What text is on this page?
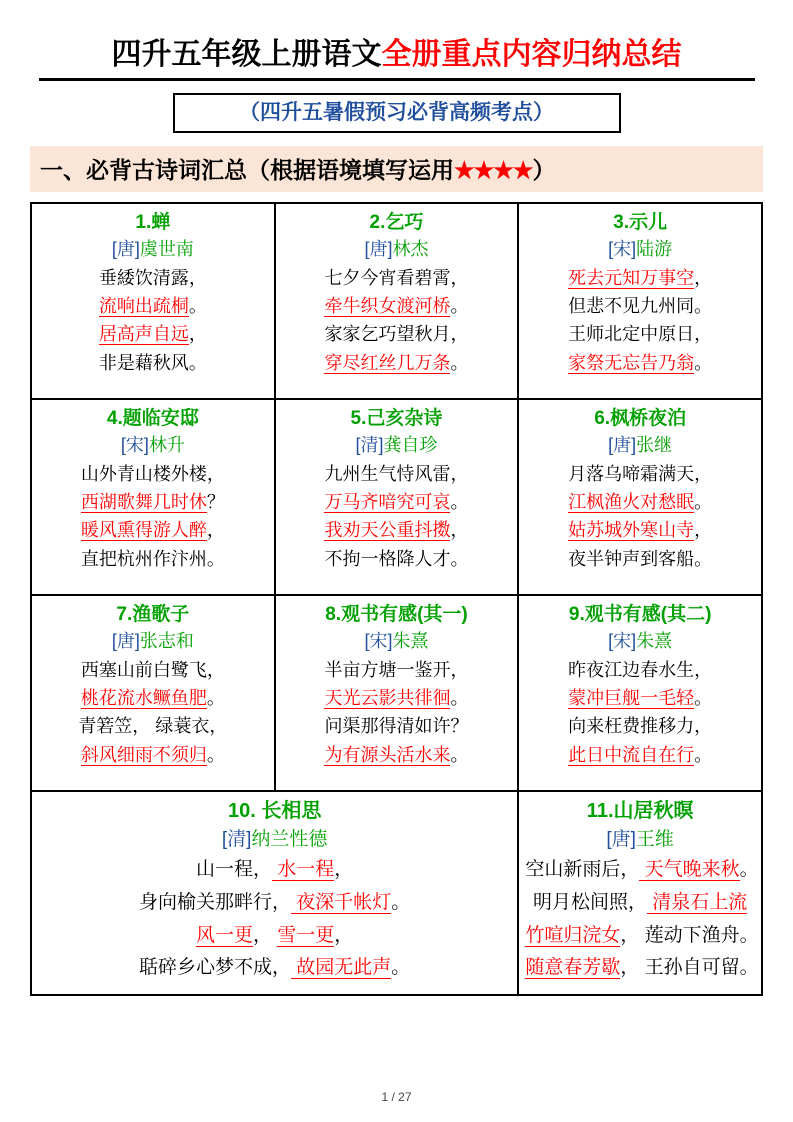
四升五年级上册语文全册重点内容归纳总结
（四升五暑假预习必背高频考点）
一、必背古诗词汇总（根据语境填写运用★★★★）
1.蝉
[唐]虞世南
垂緌饮清露，
流响出疏桐。
居高声自远，
非是藉秋风。

2.乞巧
[唐]林杰
七夕今宵看碧霄，
牵牛织女渡河桥。
家家乞巧望秋月，
穿尽红丝几万条。

3.示儿
[宋]陆游
死去元知万事空，
但悲不见九州同。
王师北定中原日，
家祭无忘告乃翁。

4.题临安邸
[宋]林升
山外青山楼外楼，
西湖歌舞几时休？
暖风熏得游人醉，
直把杭州作汴州。

5.己亥杂诗
[清]龚自珍
九州生气恃风雷，
万马齐喑究可哀。
我劝天公重抖擞，
不拘一格降人才。

6.枫桥夜泊
[唐]张继
月落乌啼霜满天，
江枫渔火对愁眠。
姑苏城外寒山寺，
夜半钟声到客船。

7.渔歌子
[唐]张志和
西塞山前白鹭飞，
桃花流水鳜鱼肥。
青箬笠， 绿蓑衣，
斜风细雨不须归。

8.观书有感(其一)
[宋]朱熹
半亩方塘一鉴开，
天光云影共徘徊。
问渠那得清如许？
为有源头活水来。

9.观书有感(其二)
[宋]朱熹
昨夜江边春水生，
蒙冲巨舰一毛轻。
向来枉费推移力，
此日中流自在行。

10. 长相思
[清]纳兰性德
山一程， 水一程，
身向榆关那畔行， 夜深千帐灯。
风一更， 雪一更，
聒碎乡心梦不成， 故园无此声。

11.山居秋暝
[唐]王维
空山新雨后， 天气晚来秋。
明月松间照， 清泉石上流
竹喧归浣女， 莲动下渔舟。
随意春芳歇， 王孙自可留。
1 / 27
